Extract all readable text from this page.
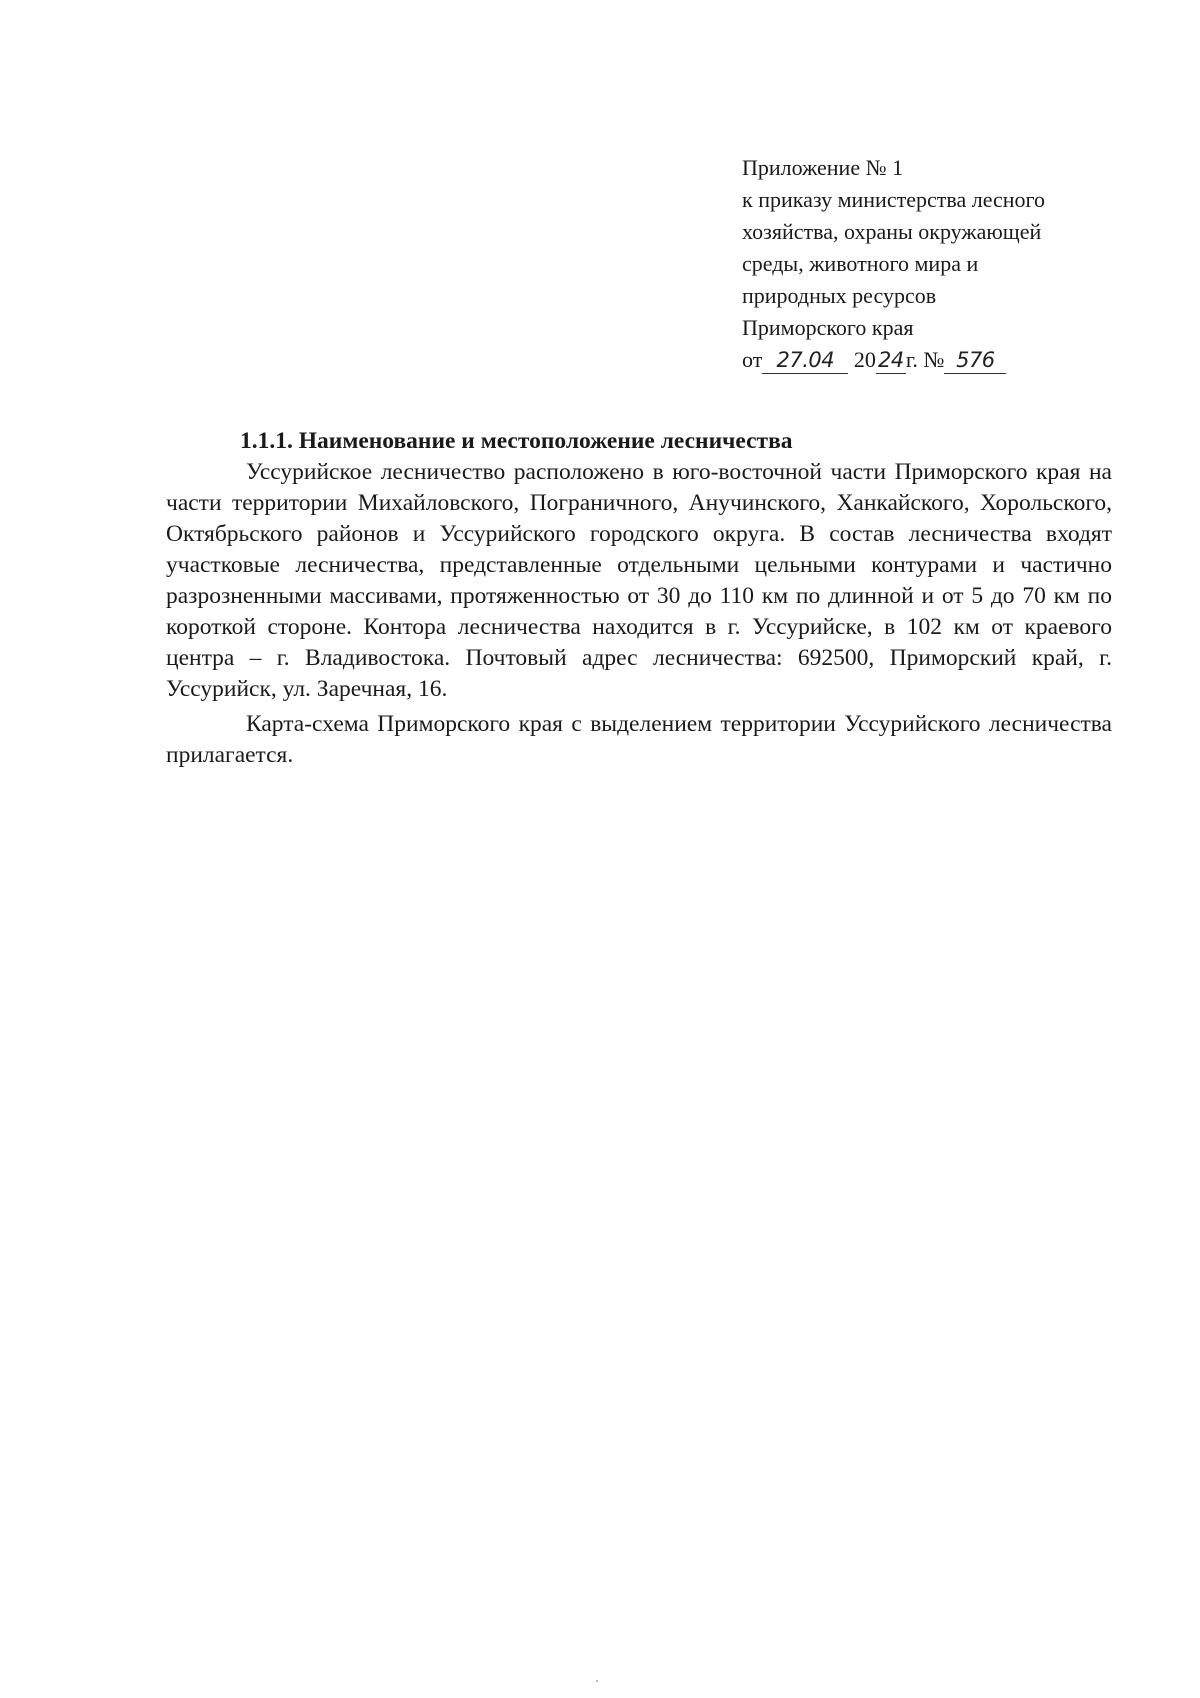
Приложение № 1
к приказу министерства лесного
хозяйства, охраны окружающей
среды, животного мира и
природных ресурсов
Приморского края
от 27.04 20 24г. № 576

1.1.1. Наименование и местоположение лесничества

Уссурийское лесничество расположено в юго-восточной части Приморского края на части территории Михайловского, Пограничного, Анучинского, Ханкайского, Хорольского, Октябрьского районов и Уссурийского городского округа. В состав лесничества входят участковые лесничества, представленные отдельными цельными контурами и частично разрозненными массивами, протяженностью от 30 до 110 км по длинной и от 5 до 70 км по короткой стороне. Контора лесничества находится в г. Уссурийске, в 102 км от краевого центра – г. Владивостока. Почтовый адрес лесничества: 692500, Приморский край, г. Уссурийск, ул. Заречная, 16.

Карта-схема Приморского края с выделением территории Уссурийского лесничества прилагается.
